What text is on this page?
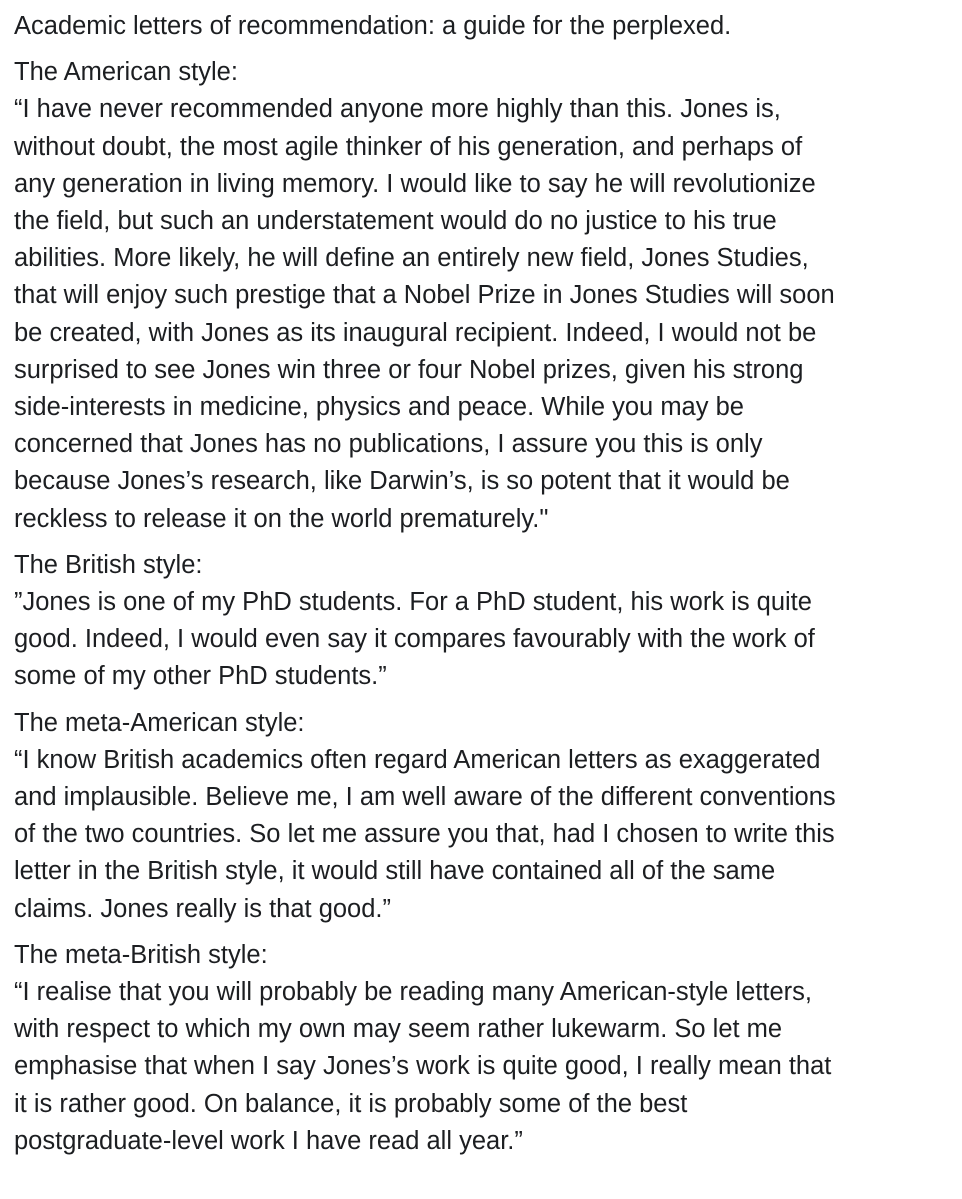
Academic letters of recommendation: a guide for the perplexed.
The American style:
“I have never recommended anyone more highly than this. Jones is,
without doubt, the most agile thinker of his generation, and perhaps of
any generation in living memory. I would like to say he will revolutionize
the field, but such an understatement would do no justice to his true
abilities. More likely, he will define an entirely new field, Jones Studies,
that will enjoy such prestige that a Nobel Prize in Jones Studies will soon
be created, with Jones as its inaugural recipient. Indeed, I would not be
surprised to see Jones win three or four Nobel prizes, given his strong
side-interests in medicine, physics and peace. While you may be
concerned that Jones has no publications, I assure you this is only
because Jones’s research, like Darwin’s, is so potent that it would be
reckless to release it on the world prematurely."
The British style:
”Jones is one of my PhD students. For a PhD student, his work is quite
good. Indeed, I would even say it compares favourably with the work of
some of my other PhD students.”
The meta-American style:
“I know British academics often regard American letters as exaggerated
and implausible. Believe me, I am well aware of the different conventions
of the two countries. So let me assure you that, had I chosen to write this
letter in the British style, it would still have contained all of the same
claims. Jones really is that good.”
The meta-British style:
“I realise that you will probably be reading many American-style letters,
with respect to which my own may seem rather lukewarm. So let me
emphasise that when I say Jones’s work is quite good, I really mean that
it is rather good. On balance, it is probably some of the best
postgraduate-level work I have read all year.”
